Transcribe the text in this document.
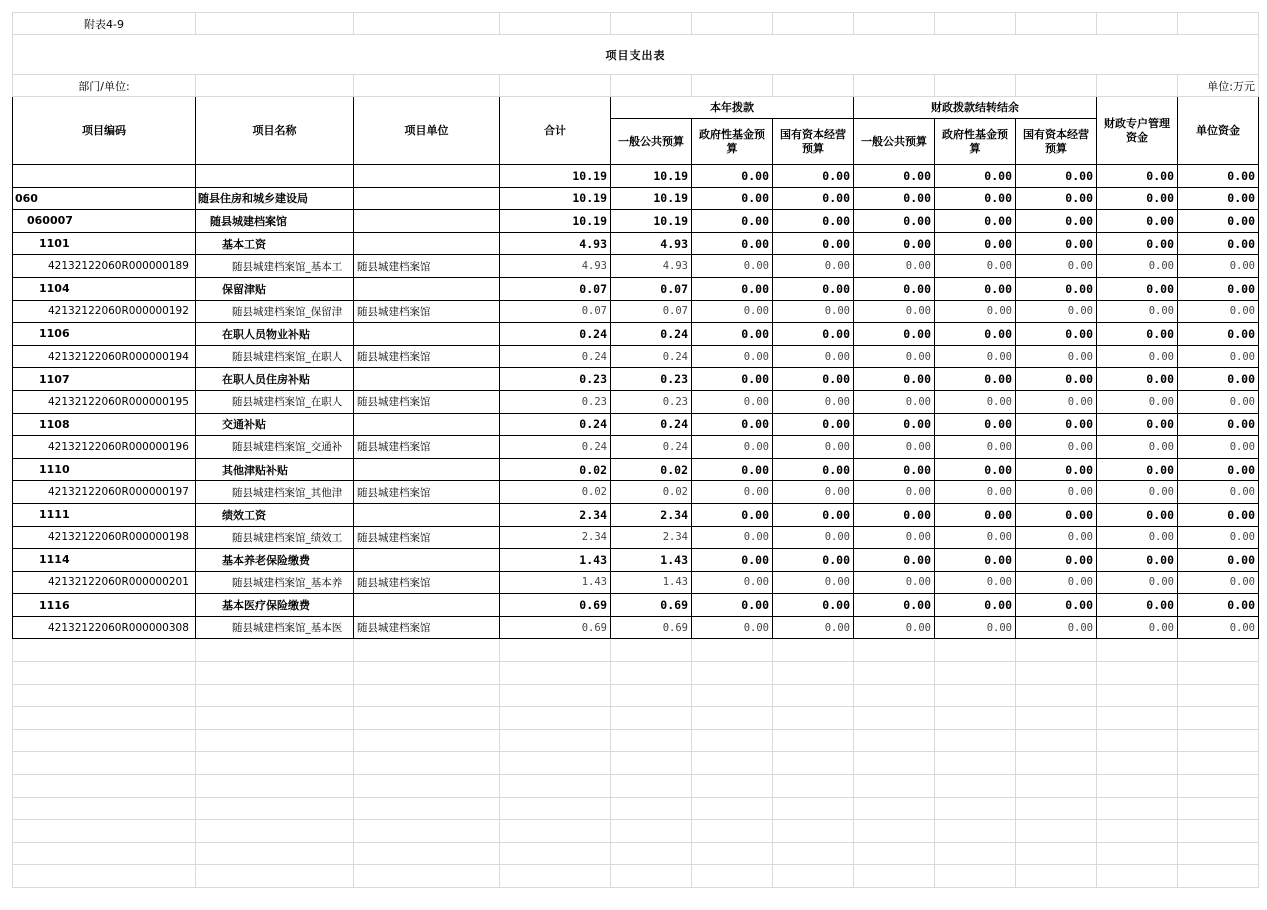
附表4-9											
项目支出表											
部门/单位:											单位:万元
项目编码	项目名称	项目单位	合计	本年拨款			财政拨款结转结余			财政专户管理资金	单位资金
				一般公共预算	政府性基金预算	国有资本经营预算	一般公共预算	政府性基金预算	国有资本经营预算		
			10.19	10.19	0.00	0.00	0.00	0.00	0.00	0.00	0.00
060	随县住房和城乡建设局		10.19	10.19	0.00	0.00	0.00	0.00	0.00	0.00	0.00
060007	随县城建档案馆		10.19	10.19	0.00	0.00	0.00	0.00	0.00	0.00	0.00
1101	基本工资		4.93	4.93	0.00	0.00	0.00	0.00	0.00	0.00	0.00
42132122060R000000189	随县城建档案馆_基本工	随县城建档案馆	4.93	4.93	0.00	0.00	0.00	0.00	0.00	0.00	0.00
1104	保留津贴		0.07	0.07	0.00	0.00	0.00	0.00	0.00	0.00	0.00
42132122060R000000192	随县城建档案馆_保留津	随县城建档案馆	0.07	0.07	0.00	0.00	0.00	0.00	0.00	0.00	0.00
1106	在职人员物业补贴		0.24	0.24	0.00	0.00	0.00	0.00	0.00	0.00	0.00
42132122060R000000194	随县城建档案馆_在职人	随县城建档案馆	0.24	0.24	0.00	0.00	0.00	0.00	0.00	0.00	0.00
1107	在职人员住房补贴		0.23	0.23	0.00	0.00	0.00	0.00	0.00	0.00	0.00
42132122060R000000195	随县城建档案馆_在职人	随县城建档案馆	0.23	0.23	0.00	0.00	0.00	0.00	0.00	0.00	0.00
1108	交通补贴		0.24	0.24	0.00	0.00	0.00	0.00	0.00	0.00	0.00
42132122060R000000196	随县城建档案馆_交通补	随县城建档案馆	0.24	0.24	0.00	0.00	0.00	0.00	0.00	0.00	0.00
1110	其他津贴补贴		0.02	0.02	0.00	0.00	0.00	0.00	0.00	0.00	0.00
42132122060R000000197	随县城建档案馆_其他津	随县城建档案馆	0.02	0.02	0.00	0.00	0.00	0.00	0.00	0.00	0.00
1111	绩效工资		2.34	2.34	0.00	0.00	0.00	0.00	0.00	0.00	0.00
42132122060R000000198	随县城建档案馆_绩效工	随县城建档案馆	2.34	2.34	0.00	0.00	0.00	0.00	0.00	0.00	0.00
1114	基本养老保险缴费		1.43	1.43	0.00	0.00	0.00	0.00	0.00	0.00	0.00
42132122060R000000201	随县城建档案馆_基本养	随县城建档案馆	1.43	1.43	0.00	0.00	0.00	0.00	0.00	0.00	0.00
1116	基本医疗保险缴费		0.69	0.69	0.00	0.00	0.00	0.00	0.00	0.00	0.00
42132122060R000000308	随县城建档案馆_基本医	随县城建档案馆	0.69	0.69	0.00	0.00	0.00	0.00	0.00	0.00	0.00
